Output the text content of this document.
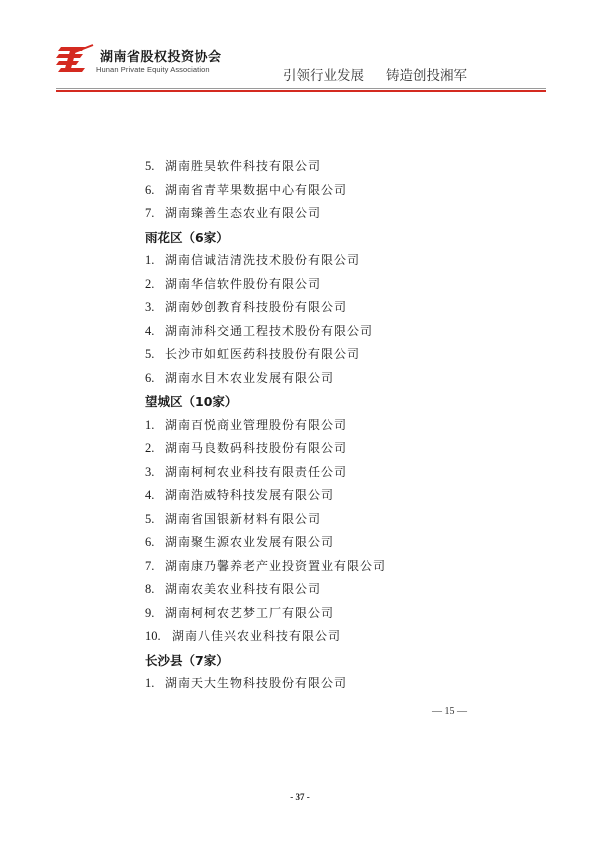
湖南省股权投资协会
Hunan Private Equity Association	引领行业发展 铸造创投湘军
5. 湖南胜昊软件科技有限公司
6. 湖南省青苹果数据中心有限公司
7. 湖南臻善生态农业有限公司
雨花区（6家）
1. 湖南信诚洁清洗技术股份有限公司
2. 湖南华信软件股份有限公司
3. 湖南妙创教育科技股份有限公司
4. 湖南沛科交通工程技术股份有限公司
5. 长沙市如虹医药科技股份有限公司
6. 湖南水目木农业发展有限公司
望城区（10家）
1. 湖南百悦商业管理股份有限公司
2. 湖南马良数码科技股份有限公司
3. 湖南柯柯农业科技有限责任公司
4. 湖南浩威特科技发展有限公司
5. 湖南省国银新材料有限公司
6. 湖南聚生源农业发展有限公司
7. 湖南康乃馨养老产业投资置业有限公司
8. 湖南农美农业科技有限公司
9. 湖南柯柯农艺梦工厂有限公司
10. 湖南八佳兴农业科技有限公司
长沙县（7家）
1. 湖南天大生物科技股份有限公司
— 15 —
- 37 -
